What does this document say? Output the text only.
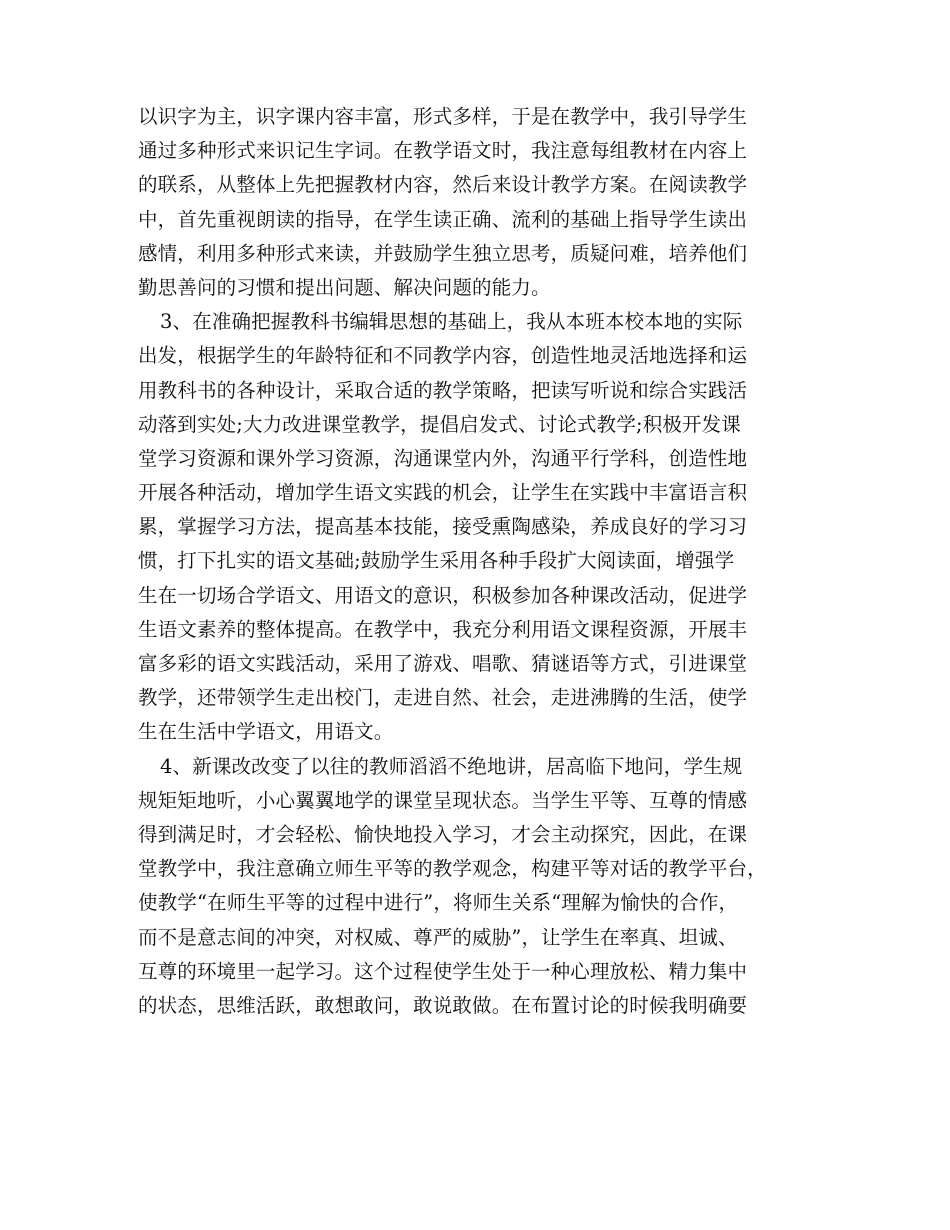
以识字为主，识字课内容丰富，形式多样，于是在教学中，我引导学生
通过多种形式来识记生字词。在教学语文时，我注意每组教材在内容上
的联系，从整体上先把握教材内容，然后来设计教学方案。在阅读教学
中，首先重视朗读的指导，在学生读正确、流利的基础上指导学生读出
感情，利用多种形式来读，并鼓励学生独立思考，质疑问难，培养他们
勤思善问的习惯和提出问题、解决问题的能力。
3、在准确把握教科书编辑思想的基础上，我从本班本校本地的实际
出发，根据学生的年龄特征和不同教学内容，创造性地灵活地选择和运
用教科书的各种设计，采取合适的教学策略，把读写听说和综合实践活
动落到实处;大力改进课堂教学，提倡启发式、讨论式教学;积极开发课
堂学习资源和课外学习资源，沟通课堂内外，沟通平行学科，创造性地
开展各种活动，增加学生语文实践的机会，让学生在实践中丰富语言积
累，掌握学习方法，提高基本技能，接受熏陶感染，养成良好的学习习
惯，打下扎实的语文基础;鼓励学生采用各种手段扩大阅读面，增强学
生在一切场合学语文、用语文的意识，积极参加各种课改活动，促进学
生语文素养的整体提高。在教学中，我充分利用语文课程资源，开展丰
富多彩的语文实践活动，采用了游戏、唱歌、猜谜语等方式，引进课堂
教学，还带领学生走出校门，走进自然、社会，走进沸腾的生活，使学
生在生活中学语文，用语文。
4、新课改改变了以往的教师滔滔不绝地讲，居高临下地问，学生规
规矩矩地听，小心翼翼地学的课堂呈现状态。当学生平等、互尊的情感
得到满足时，才会轻松、愉快地投入学习，才会主动探究，因此，在课
堂教学中，我注意确立师生平等的教学观念，构建平等对话的教学平台，
使教学“在师生平等的过程中进行”，将师生关系“理解为愉快的合作，
而不是意志间的冲突，对权威、尊严的威胁”，让学生在率真、坦诚、
互尊的环境里一起学习。这个过程使学生处于一种心理放松、精力集中
的状态，思维活跃，敢想敢问，敢说敢做。在布置讨论的时候我明确要
